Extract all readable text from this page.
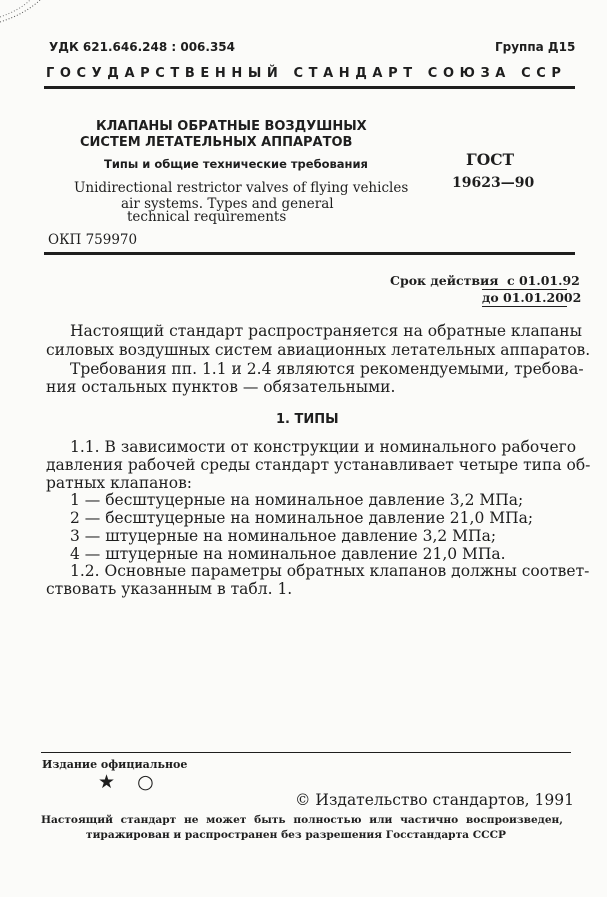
УДК 621.646.248 : 006.354	Группа Д15
ГОСУДАРСТВЕННЫЙ СТАНДАРТ СОЮЗА ССР
КЛАПАНЫ ОБРАТНЫЕ ВОЗДУШНЫХ
СИСТЕМ ЛЕТАТЕЛЬНЫХ АППАРАТОВ
Типы и общие технические требования
Unidirectional restrictor valves of flying vehicles
air systems. Types and general
technical requirements
ГОСТ
19623—90
ОКП 759970
Срок действия с 01.01.92
до 01.01.2002
Настоящий стандарт распространяется на обратные клапаны
силовых воздушных систем авиационных летательных аппаратов.
Требования пп. 1.1 и 2.4 являются рекомендуемыми, требова-
ния остальных пунктов — обязательными.
1. ТИПЫ
1.1. В зависимости от конструкции и номинального рабочего
давления рабочей среды стандарт устанавливает четыре типа об-
ратных клапанов:
1 — бесштуцерные на номинальное давление 3,2 МПа;
2 — бесштуцерные на номинальное давление 21,0 МПа;
3 — штуцерные на номинальное давление 3,2 МПа;
4 — штуцерные на номинальное давление 21,0 МПа.
1.2. Основные параметры обратных клапанов должны соответ-
ствовать указанным в табл. 1.
Издание официальное
★ ○
© Издательство стандартов, 1991
Настоящий стандарт не может быть полностью или частично воспроизведен,
тиражирован и распространен без разрешения Госстандарта СССР
